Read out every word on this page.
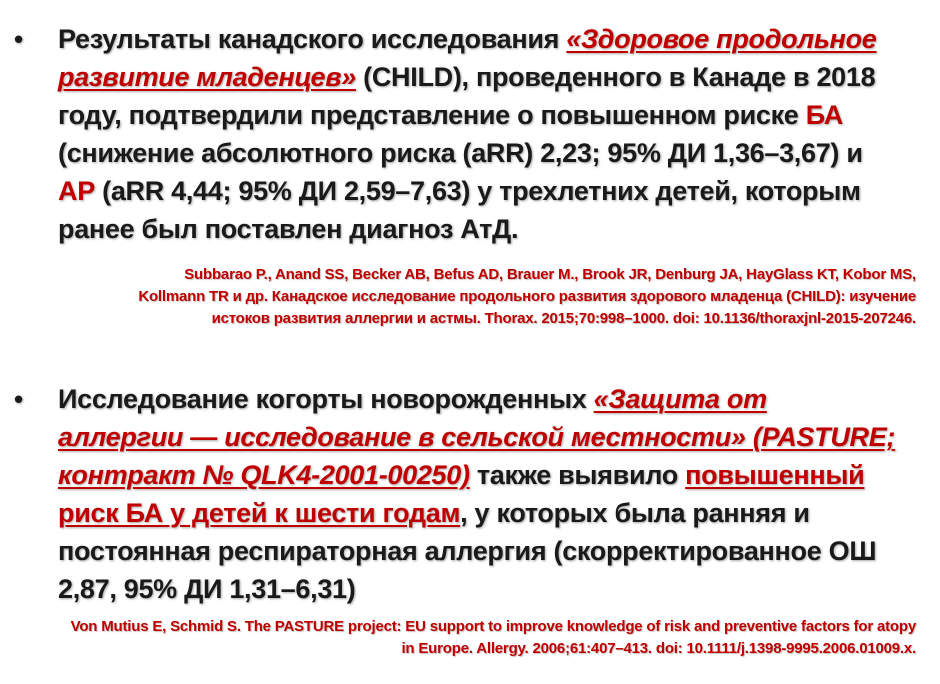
• Результаты канадского исследования «Здоровое продольное развитие младенцев» (CHILD), проведенного в Канаде в 2018 году, подтвердили представление о повышенном риске БА (снижение абсолютного риска (aRR) 2,23; 95% ДИ 1,36–3,67) и АР (aRR 4,44; 95% ДИ 2,59–7,63) у трехлетних детей, которым ранее был поставлен диагноз АтД.
Subbarao P., Anand SS, Becker AB, Befus AD, Brauer M., Brook JR, Denburg JA, HayGlass KT, Kobor MS, Kollmann TR и др. Канадское исследование продольного развития здорового младенца (CHILD): изучение истоков развития аллергии и астмы. Thorax. 2015;70:998–1000. doi: 10.1136/thoraxjnl-2015-207246.
• Исследование когорты новорожденных «Защита от аллергии — исследование в сельской местности» (PASTURE; контракт № QLK4-2001-00250) также выявило повышенный риск БА у детей к шести годам, у которых была ранняя и постоянная респираторная аллергия (скорректированное ОШ 2,87, 95% ДИ 1,31–6,31)
Von Mutius E, Schmid S. The PASTURE project: EU support to improve knowledge of risk and preventive factors for atopy in Europe. Allergy. 2006;61:407–413. doi: 10.1111/j.1398-9995.2006.01009.x.
